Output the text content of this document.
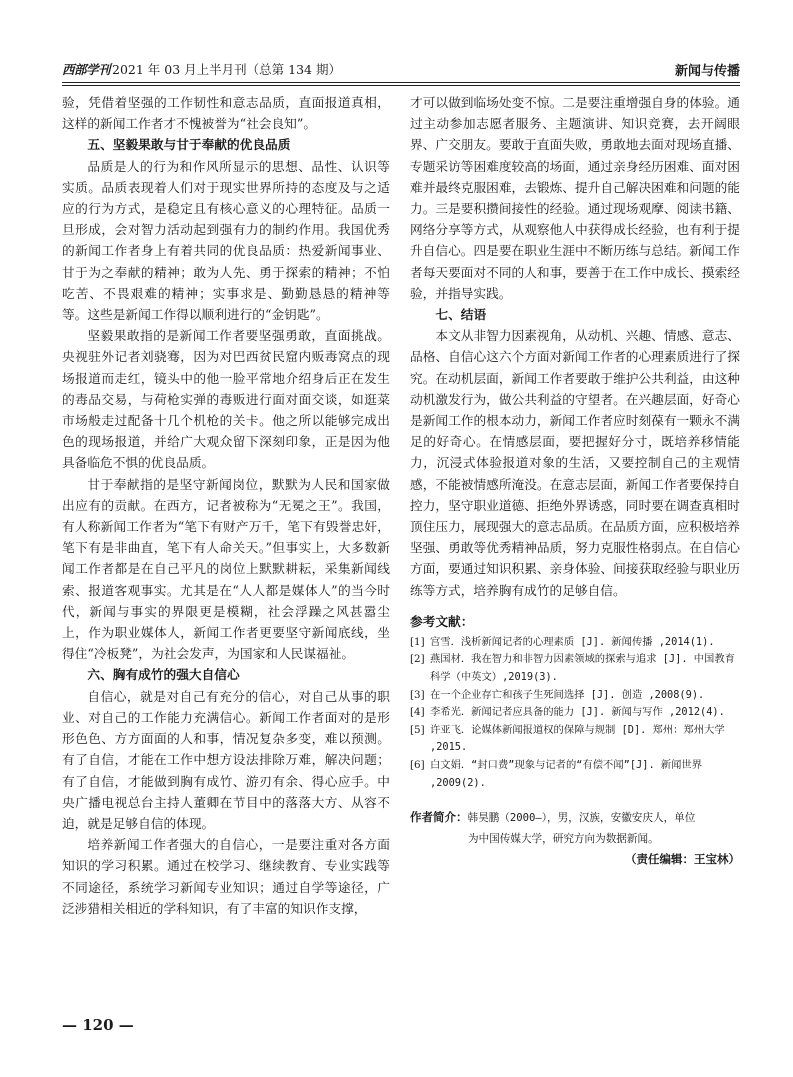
西部学刊 2021 年 03 月上半月刊（总第 134 期）	新闻与传播

验，凭借着坚强的工作韧性和意志品质，直面报道真相，这样的新闻工作者才不愧被誉为“社会良知”。

五、坚毅果敢与甘于奉献的优良品质

品质是人的行为和作风所显示的思想、品性、认识等实质。品质表现着人们对于现实世界所持的态度及与之适应的行为方式，是稳定且有核心意义的心理特征。品质一旦形成，会对智力活动起到强有力的制约作用。我国优秀的新闻工作者身上有着共同的优良品质：热爱新闻事业、甘于为之奉献的精神；敢为人先、勇于探索的精神；不怕吃苦、不畏艰难的精神；实事求是、勤勤恳恳的精神等等。这些是新闻工作得以顺利进行的“金钥匙”。

坚毅果敢指的是新闻工作者要坚强勇敢，直面挑战。央视驻外记者刘骁骞，因为对巴西贫民窟内贩毒窝点的现场报道而走红，镜头中的他一脸平常地介绍身后正在发生的毒品交易，与荷枪实弹的毒贩进行面对面交谈，如逛菜市场般走过配备十几个机枪的关卡。他之所以能够完成出色的现场报道，并给广大观众留下深刻印象，正是因为他具备临危不惧的优良品质。

甘于奉献指的是坚守新闻岗位，默默为人民和国家做出应有的贡献。在西方，记者被称为“无冕之王”。我国，有人称新闻工作者为“笔下有财产万千，笔下有毁誉忠奸，笔下有是非曲直，笔下有人命关天。”但事实上，大多数新闻工作者都是在自己平凡的岗位上默默耕耘，采集新闻线索、报道客观事实。尤其是在“人人都是媒体人”的当今时代，新闻与事实的界限更是模糊，社会浮躁之风甚嚣尘上，作为职业媒体人，新闻工作者更要坚守新闻底线，坐得住“冷板凳”，为社会发声，为国家和人民谋福祉。

六、胸有成竹的强大自信心

自信心，就是对自己有充分的信心，对自己从事的职业、对自己的工作能力充满信心。新闻工作者面对的是形形色色、方方面面的人和事，情况复杂多变，难以预测。有了自信，才能在工作中想方设法排除万难，解决问题；有了自信，才能做到胸有成竹、游刃有余、得心应手。中央广播电视总台主持人董卿在节目中的落落大方、从容不迫，就是足够自信的体现。

培养新闻工作者强大的自信心，一是要注重对各方面知识的学习积累。通过在校学习、继续教育、专业实践等不同途径，系统学习新闻专业知识；通过自学等途径，广泛涉猎相关相近的学科知识，有了丰富的知识作支撑，

才可以做到临场处变不惊。二是要注重增强自身的体验。通过主动参加志愿者服务、主题演讲、知识竞赛，去开阔眼界、广交朋友。要敢于直面失败，勇敢地去面对现场直播、专题采访等困难度较高的场面，通过亲身经历困难、面对困难并最终克服困难，去锻炼、提升自己解决困难和问题的能力。三是要积攒间接性的经验。通过现场观摩、阅读书籍、网络分享等方式，从观察他人中获得成长经验，也有利于提升自信心。四是要在职业生涯中不断历练与总结。新闻工作者每天要面对不同的人和事，要善于在工作中成长、摸索经验，并指导实践。

七、结语

本文从非智力因素视角，从动机、兴趣、情感、意志、品格、自信心这六个方面对新闻工作者的心理素质进行了探究。在动机层面，新闻工作者要敢于维护公共利益，由这种动机激发行为，做公共利益的守望者。在兴趣层面，好奇心是新闻工作的根本动力，新闻工作者应时刻葆有一颗永不满足的好奇心。在情感层面，要把握好分寸，既培养移情能力，沉浸式体验报道对象的生活，又要控制自己的主观情感，不能被情感所淹没。在意志层面，新闻工作者要保持自控力，坚守职业道德、拒绝外界诱惑，同时要在调查真相时顶住压力，展现强大的意志品质。在品质方面，应积极培养坚强、勇敢等优秀精神品质，努力克服性格弱点。在自信心方面，要通过知识积累、亲身体验、间接获取经验与职业历练等方式，培养胸有成竹的足够自信。

参考文献：
[1] 宫雪．浅析新闻记者的心理素质 [J]. 新闻传播 ,2014(1).
[2] 燕国材．我在智力和非智力因素领域的探索与追求 [J]. 中国教育科学（中英文）,2019(3).
[3] 在一个企业存亡和孩子生死间选择 [J]. 创造 ,2008(9).
[4] 李希光．新闻记者应具备的能力 [J]. 新闻与写作 ,2012(4).
[5] 许亚飞．论媒体新闻报道权的保障与规制 [D]. 郑州：郑州大学 ,2015.
[6] 白文娟．“封口费”现象与记者的“有偿不闻”[J]. 新闻世界 ,2009(2).
作者简介：韩昊鹏（2000—），男，汉族，安徽安庆人，单位
为中国传媒大学，研究方向为数据新闻。
（责任编辑：王宝林）
— 120 —
